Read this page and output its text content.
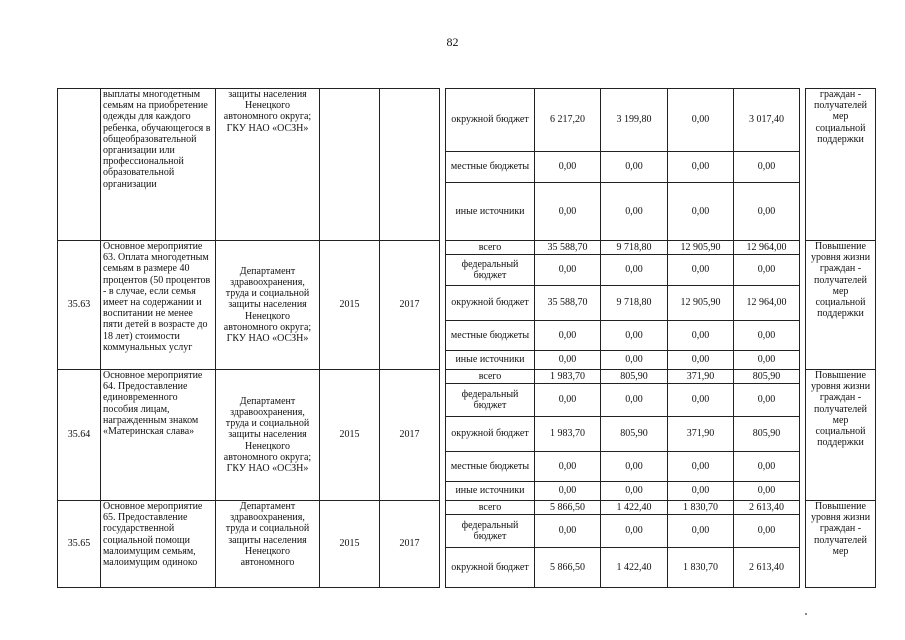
82
	выплаты многодетным семьям на приобретение одежды для каждого ребенка, обучающегося в общеобразовательной организации или профессиональной образовательной организации	защиты населения Ненецкого автономного округа; ГКУ НАО «ОСЗН»				окружной бюджет	6 217,20	3 199,80	0,00	3 017,40		граждан - получателей мер социальной поддержки
						местные бюджеты	0,00	0,00	0,00	0,00		
						иные источники	0,00	0,00	0,00	0,00		
35.63	Основное мероприятие 63. Оплата многодетным семьям в размере 40 процентов (50 процентов - в случае, если семья имеет на содержании и воспитании не менее пяти детей в возрасте до 18 лет) стоимости коммунальных услуг	Департамент здравоохранения, труда и социальной защиты населения Ненецкого автономного округа; ГКУ НАО «ОСЗН»	2015	2017		всего	35 588,70	9 718,80	12 905,90	12 964,00		Повышение уровня жизни граждан - получателей мер социальной поддержки
						федеральный бюджет	0,00	0,00	0,00	0,00		
						окружной бюджет	35 588,70	9 718,80	12 905,90	12 964,00		
						местные бюджеты	0,00	0,00	0,00	0,00		
						иные источники	0,00	0,00	0,00	0,00		
35.64	Основное мероприятие 64. Предоставление единовременного пособия лицам, награжденным знаком «Материнская слава»	Департамент здравоохранения, труда и социальной защиты населения Ненецкого автономного округа; ГКУ НАО «ОСЗН»	2015	2017		всего	1 983,70	805,90	371,90	805,90		Повышение уровня жизни граждан - получателей мер социальной поддержки
						федеральный бюджет	0,00	0,00	0,00	0,00		
						окружной бюджет	1 983,70	805,90	371,90	805,90		
						местные бюджеты	0,00	0,00	0,00	0,00		
						иные источники	0,00	0,00	0,00	0,00		
35.65	Основное мероприятие 65. Предоставление государственной социальной помощи малоимущим семьям, малоимущим одиноко	Департамент здравоохранения, труда и социальной защиты населения Ненецкого автономного	2015	2017		всего	5 866,50	1 422,40	1 830,70	2 613,40		Повышение уровня жизни граждан - получателей мер
						федеральный бюджет	0,00	0,00	0,00	0,00		
						окружной бюджет	5 866,50	1 422,40	1 830,70	2 613,40		
